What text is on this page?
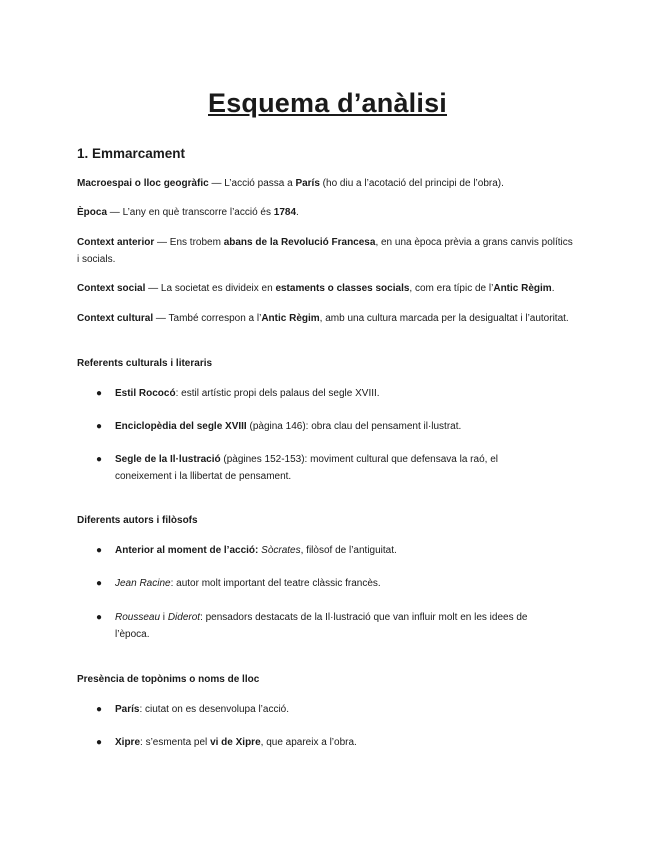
Esquema d’anàlisi
1. Emmarcament
Macroespai o lloc geogràfic — L’acció passa a París (ho diu a l’acotació del principi de l’obra).
Època — L’any en què transcorre l’acció és 1784.
Context anterior — Ens trobem abans de la Revolució Francesa, en una època prèvia a grans canvis polítics i socials.
Context social — La societat es divideix en estaments o classes socials, com era típic de l’Antic Règim.
Context cultural — També correspon a l’Antic Règim, amb una cultura marcada per la desigualtat i l’autoritat.
Referents culturals i literaris
● Estil Rococó: estil artístic propi dels palaus del segle XVIII.
● Enciclopèdia del segle XVIII (pàgina 146): obra clau del pensament il·lustrat.
● Segle de la Il·lustració (pàgines 152-153): moviment cultural que defensava la raó, el coneixement i la llibertat de pensament.
Diferents autors i filòsofs
● Anterior al moment de l’acció: Sòcrates, filòsof de l’antiguitat.
● Jean Racine: autor molt important del teatre clàssic francès.
● Rousseau i Diderot: pensadors destacats de la Il·lustració que van influir molt en les idees de l’època.
Presència de topònims o noms de lloc
● París: ciutat on es desenvolupa l’acció.
● Xipre: s’esmenta pel vi de Xipre, que apareix a l’obra.
